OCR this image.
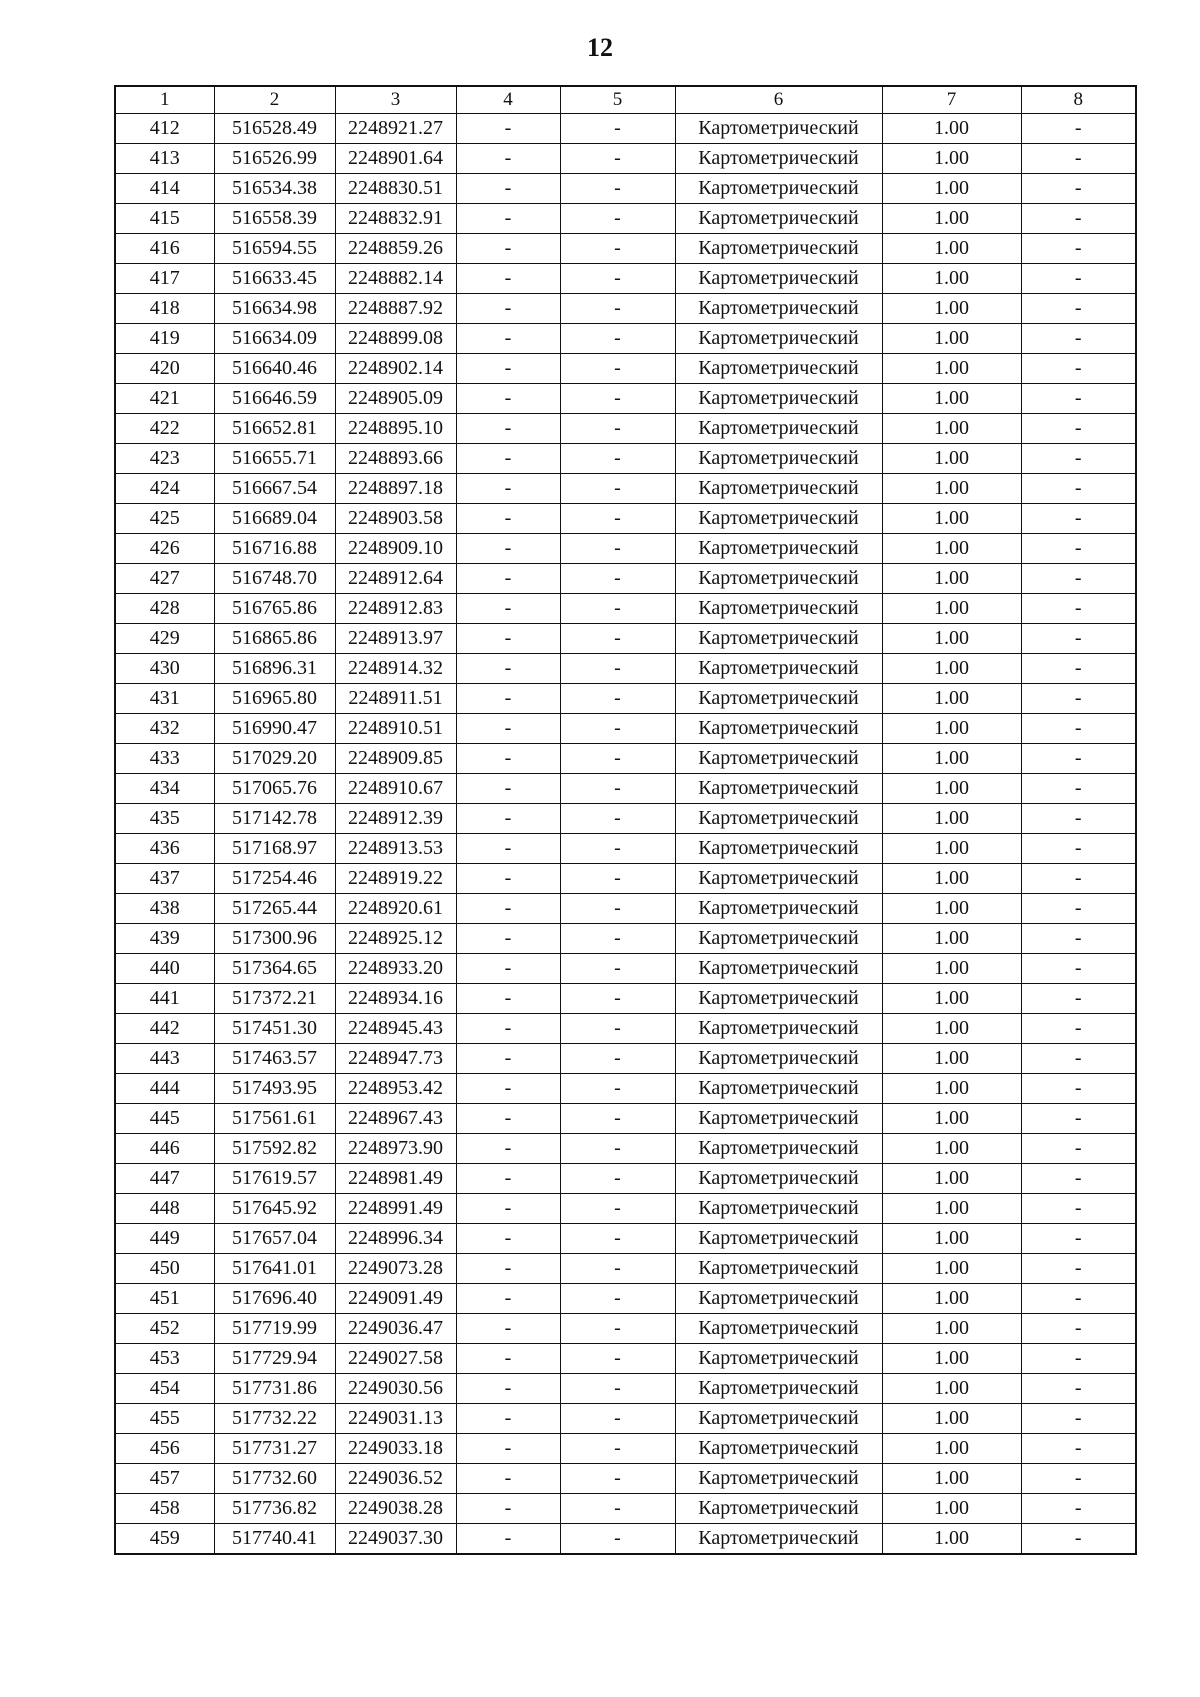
12
1	2	3	4	5	6	7	8
412	516528.49	2248921.27	-	-	Картометрический	1.00	-
413	516526.99	2248901.64	-	-	Картометрический	1.00	-
414	516534.38	2248830.51	-	-	Картометрический	1.00	-
415	516558.39	2248832.91	-	-	Картометрический	1.00	-
416	516594.55	2248859.26	-	-	Картометрический	1.00	-
417	516633.45	2248882.14	-	-	Картометрический	1.00	-
418	516634.98	2248887.92	-	-	Картометрический	1.00	-
419	516634.09	2248899.08	-	-	Картометрический	1.00	-
420	516640.46	2248902.14	-	-	Картометрический	1.00	-
421	516646.59	2248905.09	-	-	Картометрический	1.00	-
422	516652.81	2248895.10	-	-	Картометрический	1.00	-
423	516655.71	2248893.66	-	-	Картометрический	1.00	-
424	516667.54	2248897.18	-	-	Картометрический	1.00	-
425	516689.04	2248903.58	-	-	Картометрический	1.00	-
426	516716.88	2248909.10	-	-	Картометрический	1.00	-
427	516748.70	2248912.64	-	-	Картометрический	1.00	-
428	516765.86	2248912.83	-	-	Картометрический	1.00	-
429	516865.86	2248913.97	-	-	Картометрический	1.00	-
430	516896.31	2248914.32	-	-	Картометрический	1.00	-
431	516965.80	2248911.51	-	-	Картометрический	1.00	-
432	516990.47	2248910.51	-	-	Картометрический	1.00	-
433	517029.20	2248909.85	-	-	Картометрический	1.00	-
434	517065.76	2248910.67	-	-	Картометрический	1.00	-
435	517142.78	2248912.39	-	-	Картометрический	1.00	-
436	517168.97	2248913.53	-	-	Картометрический	1.00	-
437	517254.46	2248919.22	-	-	Картометрический	1.00	-
438	517265.44	2248920.61	-	-	Картометрический	1.00	-
439	517300.96	2248925.12	-	-	Картометрический	1.00	-
440	517364.65	2248933.20	-	-	Картометрический	1.00	-
441	517372.21	2248934.16	-	-	Картометрический	1.00	-
442	517451.30	2248945.43	-	-	Картометрический	1.00	-
443	517463.57	2248947.73	-	-	Картометрический	1.00	-
444	517493.95	2248953.42	-	-	Картометрический	1.00	-
445	517561.61	2248967.43	-	-	Картометрический	1.00	-
446	517592.82	2248973.90	-	-	Картометрический	1.00	-
447	517619.57	2248981.49	-	-	Картометрический	1.00	-
448	517645.92	2248991.49	-	-	Картометрический	1.00	-
449	517657.04	2248996.34	-	-	Картометрический	1.00	-
450	517641.01	2249073.28	-	-	Картометрический	1.00	-
451	517696.40	2249091.49	-	-	Картометрический	1.00	-
452	517719.99	2249036.47	-	-	Картометрический	1.00	-
453	517729.94	2249027.58	-	-	Картометрический	1.00	-
454	517731.86	2249030.56	-	-	Картометрический	1.00	-
455	517732.22	2249031.13	-	-	Картометрический	1.00	-
456	517731.27	2249033.18	-	-	Картометрический	1.00	-
457	517732.60	2249036.52	-	-	Картометрический	1.00	-
458	517736.82	2249038.28	-	-	Картометрический	1.00	-
459	517740.41	2249037.30	-	-	Картометрический	1.00	-
